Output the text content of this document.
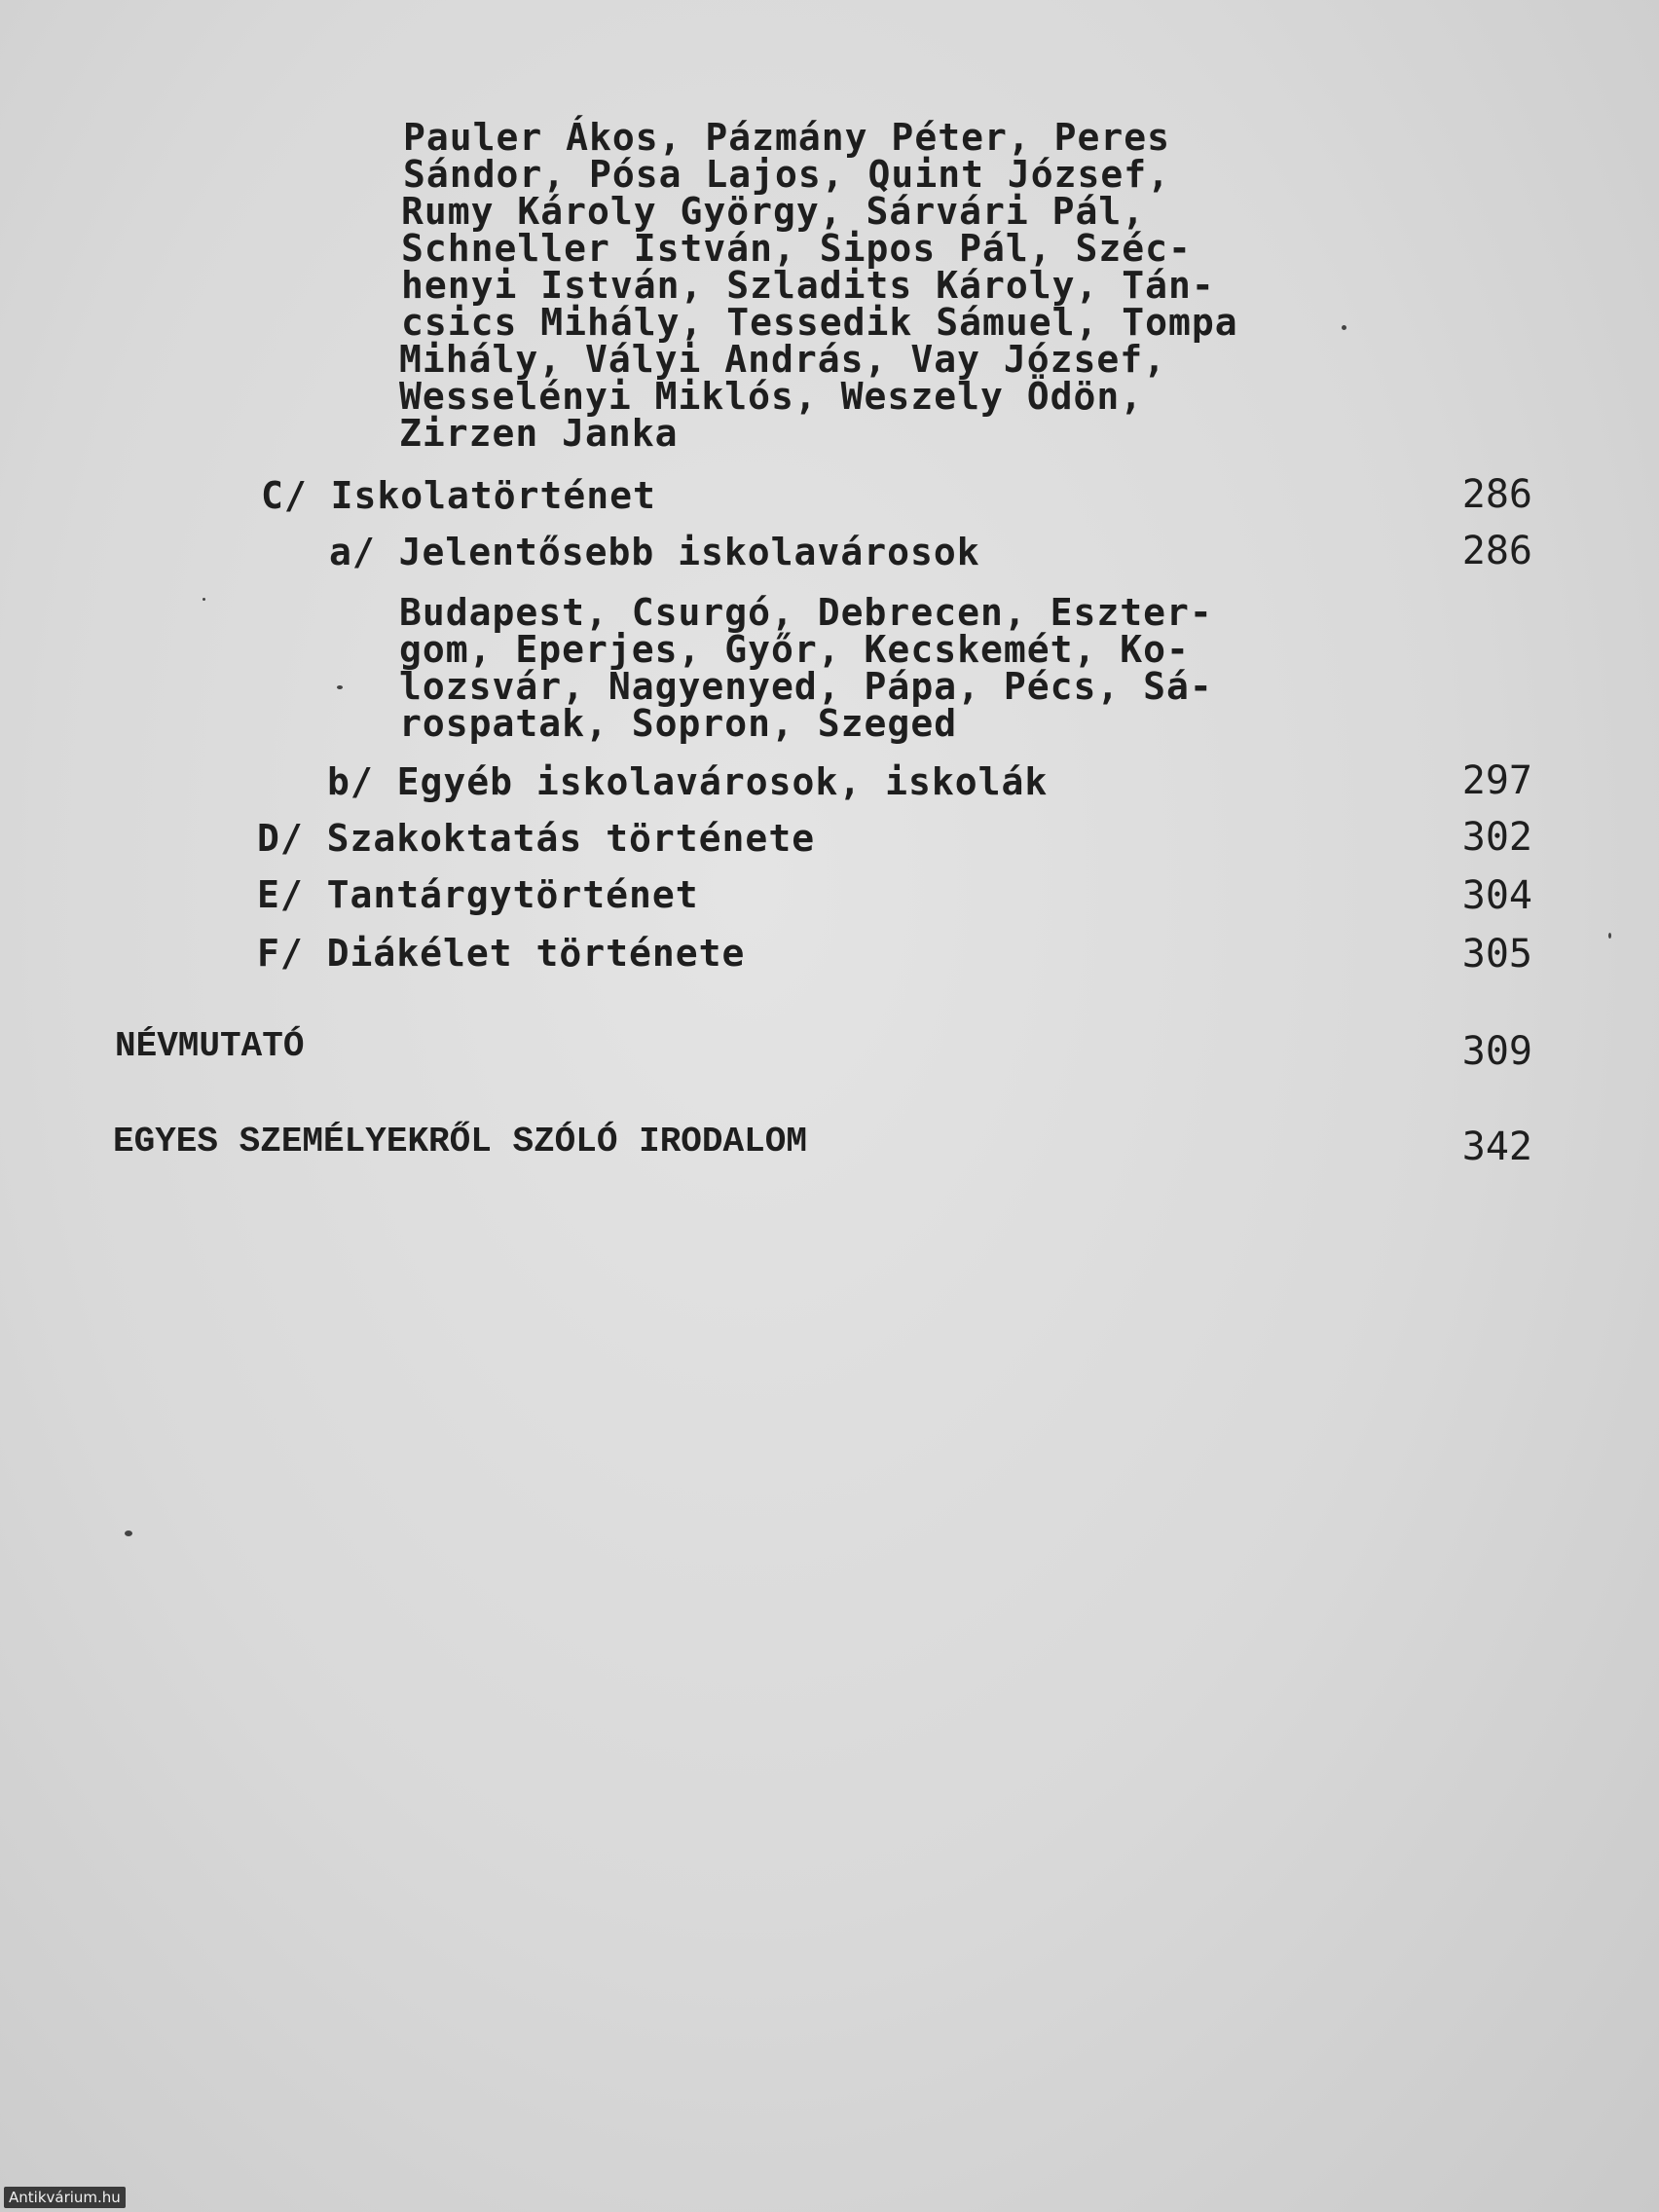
Pauler Ákos, Pázmány Péter, Peres
Sándor, Pósa Lajos, Quint József,
Rumy Károly György, Sárvári Pál,
Schneller István, Sipos Pál, Széc-
henyi István, Szladits Károly, Tán-
csics Mihály, Tessedik Sámuel, Tompa
Mihály, Vályi András, Vay József,
Wesselényi Miklós, Weszely Ödön,
Zirzen Janka
C/ Iskolatörténet	286
a/ Jelentősebb iskolavárosok	286
Budapest, Csurgó, Debrecen, Eszter-
gom, Eperjes, Győr, Kecskemét, Ko-
lozsvár, Nagyenyed, Pápa, Pécs, Sá-
rospatak, Sopron, Szeged
b/ Egyéb iskolavárosok, iskolák	297
D/ Szakoktatás története	302
E/ Tantárgytörténet	304
F/ Diákélet története	305
NÉVMUTATÓ	309
EGYES SZEMÉLYEKRŐL SZÓLÓ IRODALOM	342
Antikvárium.hu
